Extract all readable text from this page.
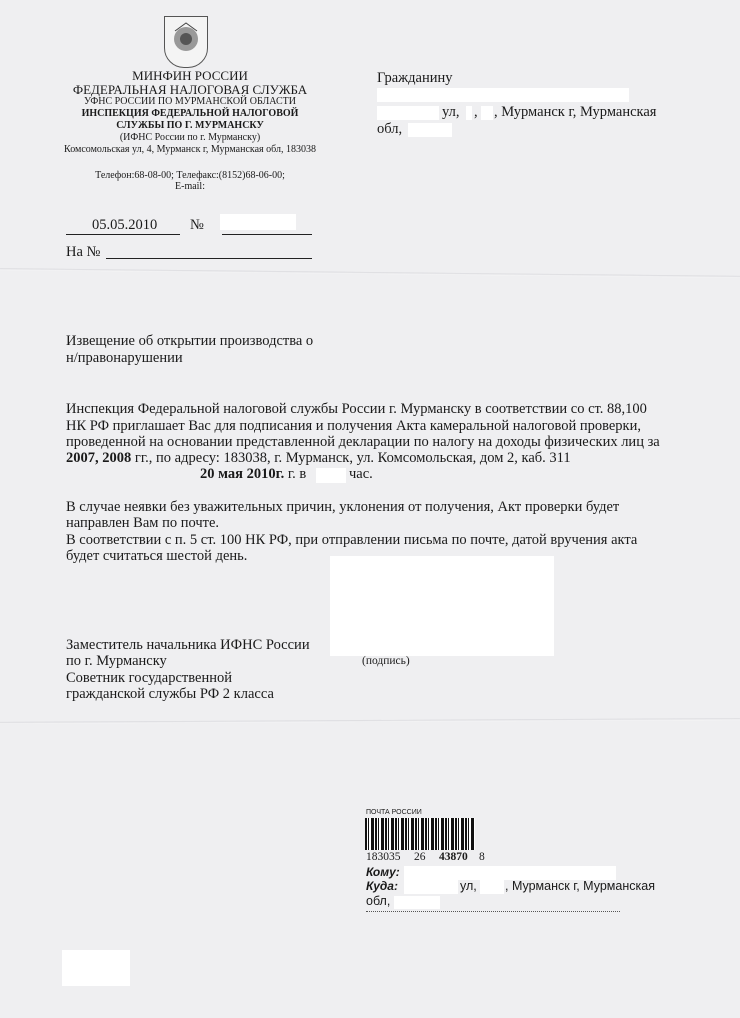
МИНФИН РОССИИ
ФЕДЕРАЛЬНАЯ НАЛОГОВАЯ СЛУЖБА
УФНС РОССИИ ПО МУРМАНСКОЙ ОБЛАСТИ
ИНСПЕКЦИЯ ФЕДЕРАЛЬНОЙ НАЛОГОВОЙ
СЛУЖБЫ ПО Г. МУРМАНСКУ
(ИФНС России по г. Мурманску)
Комсомольская ул, 4, Мурманск г, Мурманская обл, 183038
Телефон:68-08-00; Телефакс:(8152)68-06-00;
E-mail:
05.05.2010 №
На №
Гражданину
ул, , , Мурманск г, Мурманская
обл,
Извещение об открытии производства о
н/правонарушении
Инспекция Федеральной налоговой службы России г. Мурманску в соответствии со ст. 88,100
НК РФ приглашает Вас для подписания и получения Акта камеральной налоговой проверки,
проведенной на основании представленной декларации по налогу на доходы физических лиц за
2007, 2008 гг., по адресу: 183038, г. Мурманск, ул. Комсомольская, дом 2, каб. 311
20 мая 2010г. г. в	час.
В случае неявки без уважительных причин, уклонения от получения, Акт проверки будет
направлен Вам по почте.
В соответствии с п. 5 ст. 100 НК РФ, при отправлении письма по почте, датой вручения акта
будет считаться шестой день.
Заместитель начальника ИФНС России
по г. Мурманску
Советник государственной
гражданской службы РФ 2 класса
(подпись)
ПОЧТА РОССИИ
183035 26 43870 8
Кому:
Куда:	ул, , Мурманск г, Мурманская
обл,
